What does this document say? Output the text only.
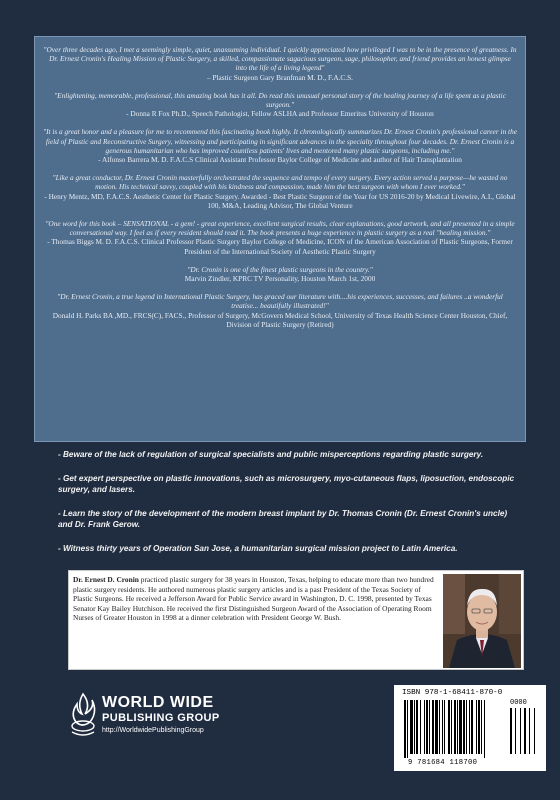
"Over three decades ago, I met a seemingly simple, quiet, unassuming individual. I quickly appreciated how privileged I was to be in the presence of greatness. In Dr. Ernest Cronin's Healing Mission of Plastic Surgery, a skilled, compassionate sagacious surgeon, sage, philosopher, and friend provides an honest glimpse into the life of a living legend"

– Plastic Surgeon Gary Branfman M. D., F.A.C.S.

"Enlightening, memorable, professional, this amazing book has it all. Do read this unusual personal story of the healing journey of a life spent as a plastic surgeon."

- Donna R Fox Ph.D., Speech Pathologist, Fellow ASLHA and Professor Emeritus University of Houston

"It is a great honor and a pleasure for me to recommend this fascinating book highly. It chronologically summarizes Dr. Ernest Cronin's professional career in the field of Plastic and Reconstructive Surgery, witnessing and participating in significant advances in the specialty throughout four decades. Dr. Ernest Cronin is a generous humanitarian who has improved countless patients' lives and mentored many plastic surgeons, including me."

- Alfonso Barrera M. D. F.A.C.S Clinical Assistant Professor Baylor College of Medicine and author of Hair Transplantation

"Like a great conductor, Dr. Ernest Cronin masterfully orchestrated the sequence and tempo of every surgery. Every action served a purpose—he wasted no motion. His technical savvy, coupled with his kindness and compassion, made him the best surgeon with whom I ever worked."

- Henry Mentz, MD, F.A.C.S. Aesthetic Center for Plastic Surgery. Awarded - Best Plastic Surgeon of the Year for US 2016-20 by Medical Livewire, A.I., Global 100, M&A, Leading Advisor, The Global Venture

"One word for this book – SENSATIONAL - a gem! - great experience, excellent surgical results, clear explanations, good artwork, and all presented in a simple conversational way. I feel as if every resident should read it. The book presents a huge experience in plastic surgery as a real "healing mission."

- Thomas Biggs M. D. F.A.C.S. Clinical Professor Plastic Surgery Baylor College of Medicine, ICON of the American Association of Plastic Surgeons, Former President of the International Society of Aesthetic Plastic Surgery

"Dr. Cronin is one of the finest plastic surgeons in the country."

Marvin Zindler, KPRC TV Personality, Houston March 1st, 2000

"Dr. Ernest Cronin, a true legend in International Plastic Surgery, has graced our literature with....his experiences, successes, and failures ..a wonderful treatise... beautifully illustrated!"

Donald H. Parks BA ,MD., FRCS(C), FACS., Professor of Surgery, McGovern Medical School, University of Texas Health Science Center Houston, Chief, Division of Plastic Surgery (Retired)

- Beware of the lack of regulation of surgical specialists and public misperceptions regarding plastic surgery.

- Get expert perspective on plastic innovations, such as microsurgery, myo-cutaneous flaps, liposuction, endoscopic surgery, and lasers.

- Learn the story of the development of the modern breast implant by Dr. Thomas Cronin (Dr. Ernest Cronin's uncle) and Dr. Frank Gerow.

- Witness thirty years of Operation San Jose, a humanitarian surgical mission project to Latin America.

Dr. Ernest D. Cronin practiced plastic surgery for 38 years in Houston, Texas, helping to educate more than two hundred plastic surgery residents. He authored numerous plastic surgery articles and is a past President of the Texas Society of Plastic Surgeons. He received a Jefferson Award for Public Service award in Washington, D. C. 1998, presented by Texas Senator Kay Bailey Hutchison. He received the first Distinguished Surgeon Award of the Association of Operating Room Nurses of Greater Houston in 1998 at a dinner celebration with President George W. Bush.
WORLD WIDE
PUBLISHING GROUP
http://WorldwidePublishingGroup
ISBN 978-1-68411-870-0
0000
9 781684 118700
